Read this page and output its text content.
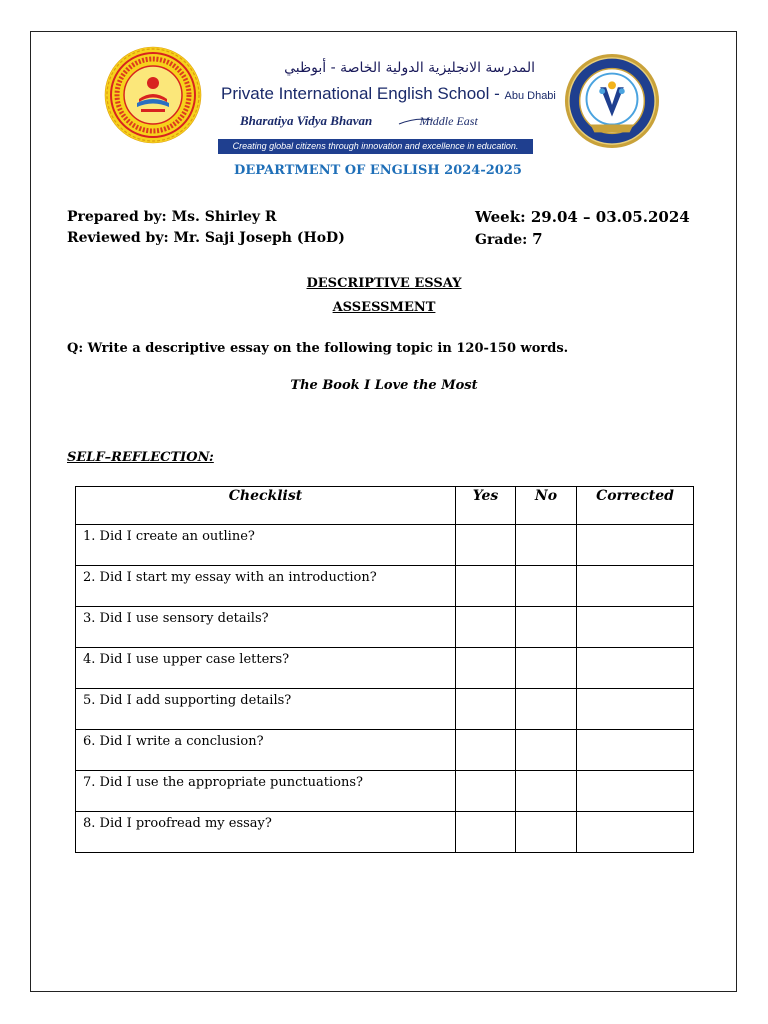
المدرسة الانجليزية الدولية الخاصة - أبوظبي
Private International English School - Abu Dhabi
Bharatiya Vidya Bhavan	Middle East
Creating global citizens through innovation and excellence in education.
DEPARTMENT OF ENGLISH 2024-2025
Prepared by: Ms. Shirley R	Week: 29.04 – 03.05.2024
Reviewed by: Mr. Saji Joseph (HoD)	Grade: 7
DESCRIPTIVE ESSAY
ASSESSMENT
Q: Write a descriptive essay on the following topic in 120-150 words.
The Book I Love the Most
SELF–REFLECTION:
Checklist	Yes	No	Corrected
1. Did I create an outline?			
2. Did I start my essay with an introduction?			
3. Did I use sensory details?			
4. Did I use upper case letters?			
5. Did I add supporting details?			
6. Did I write a conclusion?			
7. Did I use the appropriate punctuations?			
8. Did I proofread my essay?			
